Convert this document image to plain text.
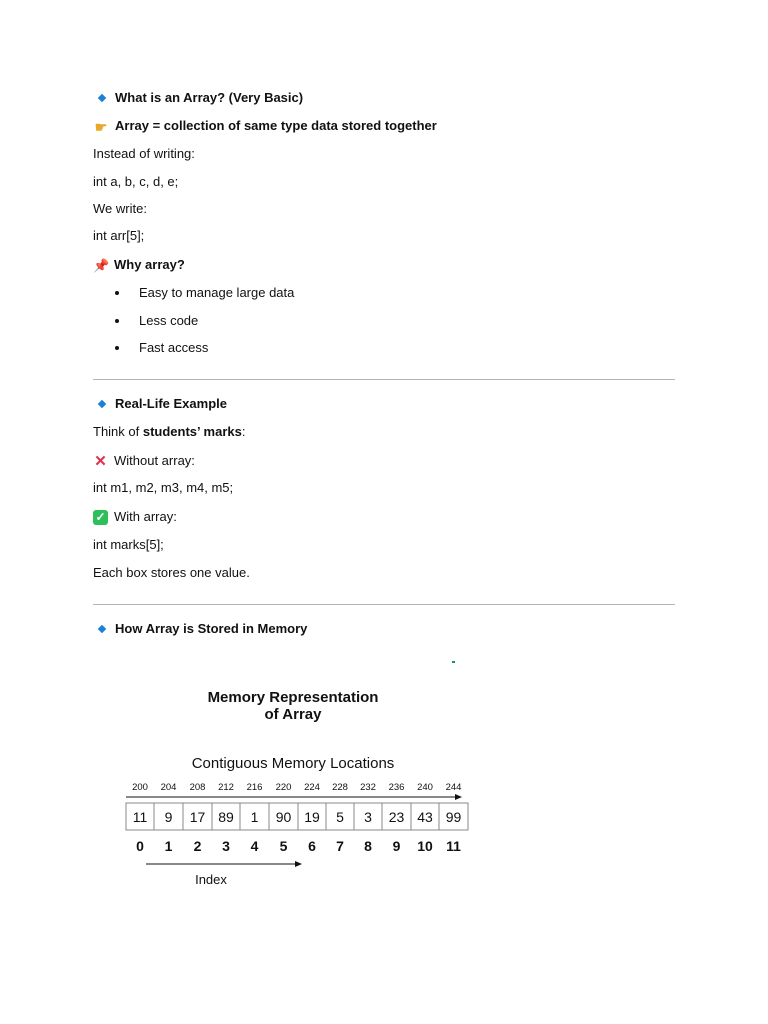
What is an Array? (Very Basic)
☛ Array = collection of same type data stored together
Instead of writing:
int a, b, c, d, e;
We write:
int arr[5];
📌 Why array?
Easy to manage large data
Less code
Fast access
Real-Life Example
Think of students’ marks:
✕ Without array:
int m1, m2, m3, m4, m5;
✓ With array:
int marks[5];
Each box stores one value.
How Array is Stored in Memory
Memory Representation
of Array
Contiguous Memory Locations
200 204 208 212 216 220 224 228 232 236 240 244
11 9 17 89 1 90 19 5 3 23 43 99
0 1 2 3 4 5 6 7 8 9 10 11
Index
